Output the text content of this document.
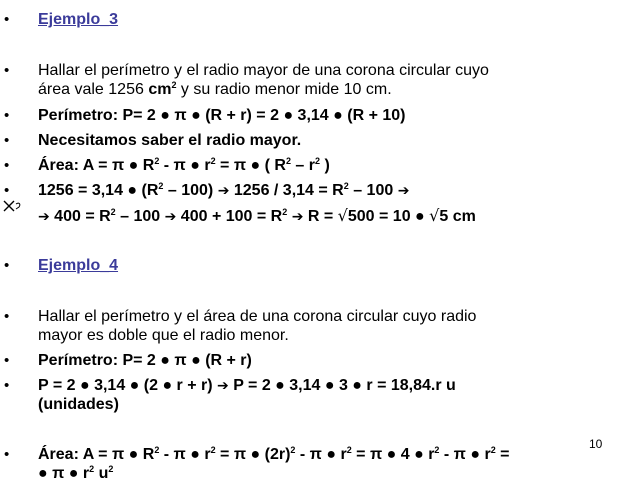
• Ejemplo_3
• Hallar el perímetro y el radio mayor de una corona circular cuyo
área vale 1256 $cm^2$ y su radio menor mide 10 cm.
• Perímetro: P= 2 ● π ● (R + r) = 2 ● 3,14 ● (R + 10)
• Necesitamos saber el radio mayor.
• Área: A = π ● $R^2$ - π ● $r^2 = \pi$ ● ( $R^2 - r^2$ )
• 1256 = 3,14 ● $(R^2 - 100)$ ➔ $1256 / 3,14 = R^2 - 100$ ➔
➔ $400 = R^2 - 100$ ➔ $400 + 100 = R^2$ ➔ R = √500 = 10 ● √5 cm
• Ejemplo_4
• Hallar el perímetro y el área de una corona circular cuyo radio
mayor es doble que el radio menor.
• Perímetro: P= 2 ● π ● (R + r)
• P = 2 ● 3,14 ● (2 ● r + r) ➔ P = 2 ● 3,14 ● 3 ● r = 18,84.r u
(unidades)
• Área: A = π ● $R^2$ - π ● $r^2 = \pi$ ● $(2r)^2$ - π ● $r^2 = \pi$ ● 4 ● $r^2$ - π ● $r^2$ =
● π ● $r^2$ $u^2$
10
